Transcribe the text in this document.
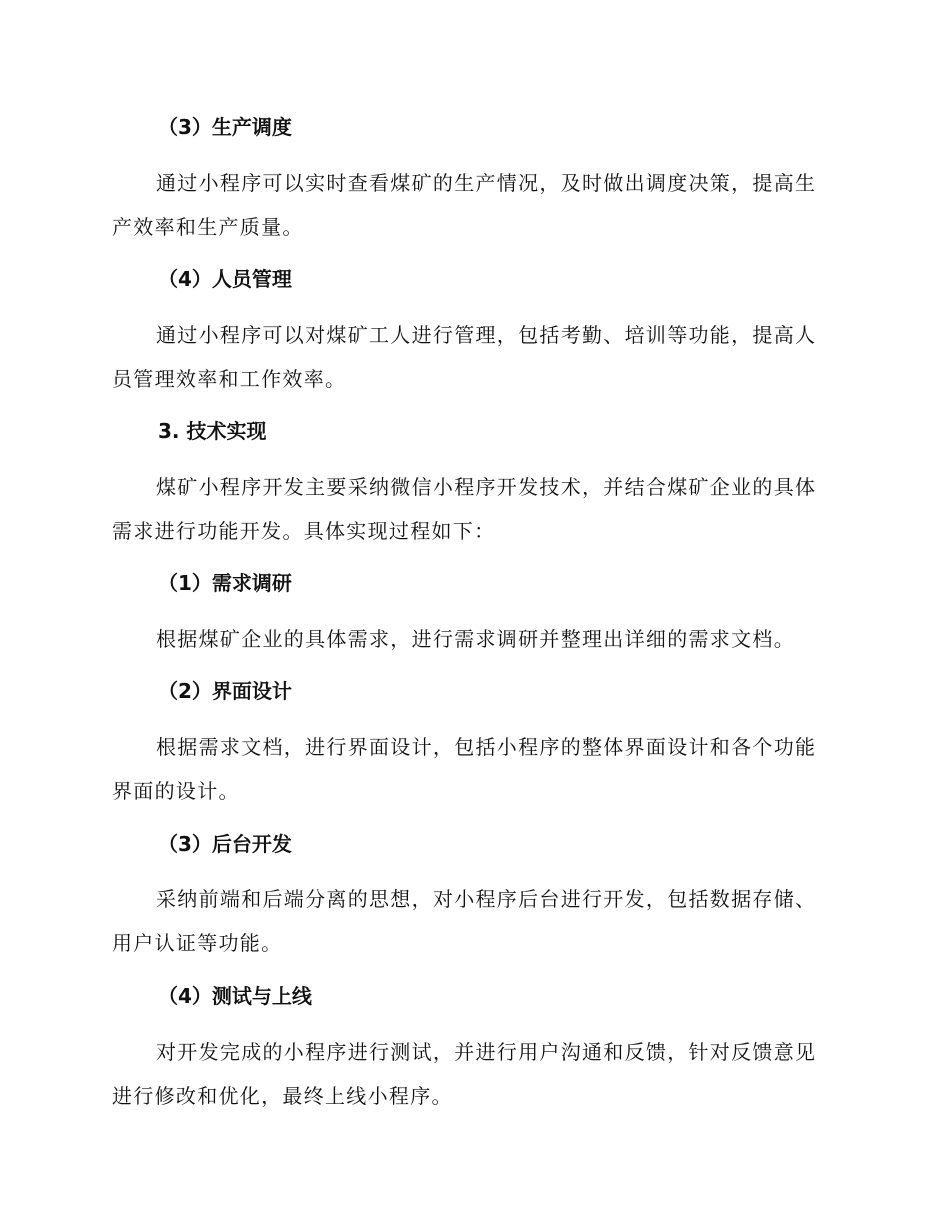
（3）生产调度

通过小程序可以实时查看煤矿的生产情况，及时做出调度决策，提高生产效率和生产质量。

（4）人员管理

通过小程序可以对煤矿工人进行管理，包括考勤、培训等功能，提高人员管理效率和工作效率。

3. 技术实现

煤矿小程序开发主要采纳微信小程序开发技术，并结合煤矿企业的具体需求进行功能开发。具体实现过程如下：

（1）需求调研

根据煤矿企业的具体需求，进行需求调研并整理出详细的需求文档。

（2）界面设计

根据需求文档，进行界面设计，包括小程序的整体界面设计和各个功能界面的设计。

（3）后台开发

采纳前端和后端分离的思想，对小程序后台进行开发，包括数据存储、用户认证等功能。

（4）测试与上线

对开发完成的小程序进行测试，并进行用户沟通和反馈，针对反馈意见进行修改和优化，最终上线小程序。
